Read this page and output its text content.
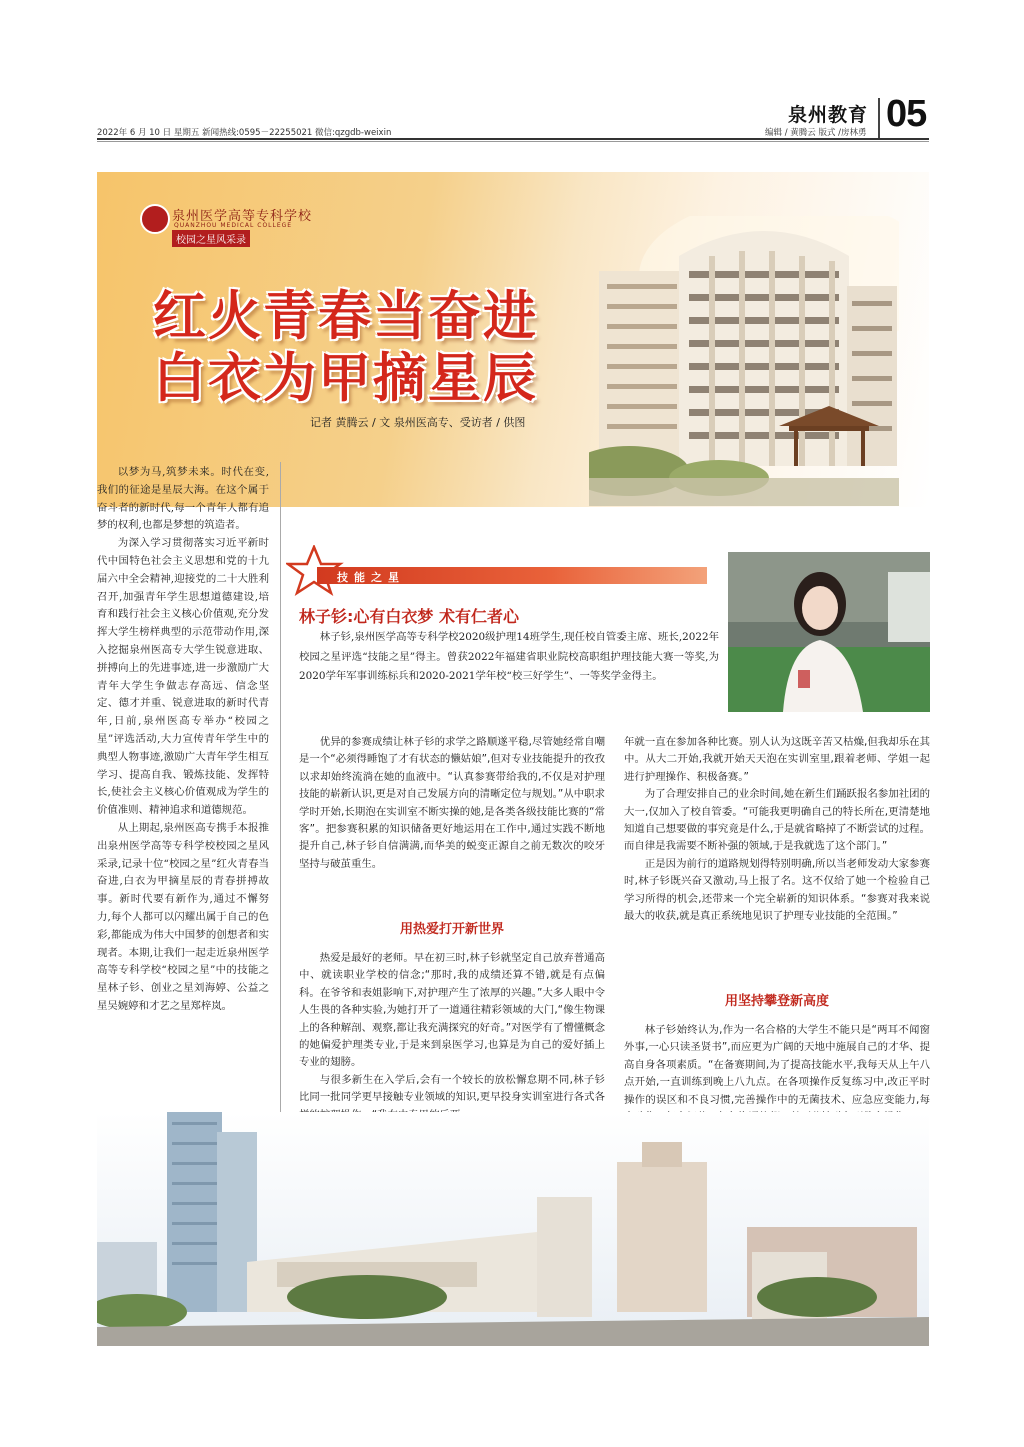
2022年 6 月 10 日 星期五 新闻热线:0595－22255021 微信:qzgdb-weixin
泉州教育 05
编辑 / 黄腾云 版式 /房林勇
泉州医学高等专科学校
QUANZHOU MEDICAL COLLEGE
校园之星风采录
红火青春当奋进
白衣为甲摘星辰
记者 黄腾云 / 文 泉州医高专、受访者 / 供图

以梦为马,筑梦未来。时代在变,我们的征途是星辰大海。在这个属于奋斗者的新时代,每一个青年人都有追梦的权利,也都是梦想的筑造者。

为深入学习贯彻落实习近平新时代中国特色社会主义思想和党的十九届六中全会精神,迎接党的二十大胜利召开,加强青年学生思想道德建设,培育和践行社会主义核心价值观,充分发挥大学生榜样典型的示范带动作用,深入挖掘泉州医高专大学生锐意进取、拼搏向上的先进事迹,进一步激励广大青年大学生争做志存高远、信念坚定、德才并重、锐意进取的新时代青年,日前,泉州医高专举办“校园之星”评选活动,大力宣传青年学生中的典型人物事迹,激励广大青年学生相互学习、提高自我、锻炼技能、发挥特长,使社会主义核心价值观成为学生的价值准则、精神追求和道德规范。

从上期起,泉州医高专携手本报推出泉州医学高等专科学校校园之星风采录,记录十位“校园之星”红火青春当奋进,白衣为甲摘星辰的青春拼搏故事。新时代要有新作为,通过不懈努力,每个人都可以闪耀出属于自己的色彩,都能成为伟大中国梦的创想者和实现者。本期,让我们一起走近泉州医学高等专科学校“校园之星”中的技能之星林子钐、创业之星刘海婷、公益之星吴婉婷和才艺之星郑梓岚。

技能之星
林子钐:心有白衣梦 术有仁者心

林子钐,泉州医学高等专科学校2020级护理14班学生,现任校自管委主席、班长,2022年校园之星评选“技能之星”得主。曾获2022年福建省职业院校高职组护理技能大赛一等奖,为2020学年军事训练标兵和2020-2021学年校“校三好学生”、一等奖学金得主。

优异的参赛成绩让林子钐的求学之路顺遂平稳,尽管她经常自嘲是一个“必须得睡饱了才有状态的懒姑娘”,但对专业技能提升的孜孜以求却始终流淌在她的血液中。“认真参赛带给我的,不仅是对护理技能的崭新认识,更是对自己发展方向的清晰定位与规划。”从中职求学时开始,长期泡在实训室不断实操的她,是各类各级技能比赛的“常客”。把参赛积累的知识储备更好地运用在工作中,通过实践不断地提升自己,林子钐自信满满,而华美的蜕变正源自之前无数次的咬牙坚持与破茧重生。

用热爱打开新世界

热爱是最好的老师。早在初三时,林子钐就坚定自己放弃普通高中、就读职业学校的信念;“那时,我的成绩还算不错,就是有点偏科。在爷爷和表姐影响下,对护理产生了浓厚的兴趣。”大多人眼中令人生畏的各种实验,为她打开了一道通往精彩领域的大门,“像生物课上的各种解剖、观察,都让我充满探究的好奇。”对医学有了懵懂概念的她偏爱护理类专业,于是来到泉医学习,也算是为自己的爱好插上专业的翅膀。

与很多新生在入学后,会有一个较长的放松懈怠期不同,林子钐比同一批同学更早接触专业领域的知识,更早投身实训室进行各式各

年就一直在参加各种比赛。别人认为这既辛苦又枯燥,但我却乐在其中。从大二开始,我就开始天天泡在实训室里,跟着老师、学姐一起进行护理操作、积极备赛。”

为了合理安排自己的业余时间,她在新生们踊跃报名参加社团的大一,仅加入了校自管委。“可能我更明确自己的特长所在,更清楚地知道自己想要做的事究竟是什么,于是就省略掉了不断尝试的过程。而自律是我需要不断补强的领域,于是我就选了这个部门。”

正是因为前行的道路规划得特别明确,所以当老师发动大家参赛时,林子钐既兴奋又激动,马上报了名。这不仅给了她一个检验自己学习所得的机会,还带来一个完全崭新的知识体系。“参赛对我来说最大的收获,就是真正系统地见识了护理专业技能的全范围。”

用坚持攀登新高度

林子钐始终认为,作为一名合格的大学生不能只是“两耳不闻窗外事,一心只读圣贤书”,而应更为广阔的天地中施展自己的才华、提高自身各项素质。“在备赛期间,为了提高技能水平,我每天从上午八点开始,一直训练到晚上八九点。在各项操作反复练习中,改正平时操作的误区和不良习惯,完善操作中的无菌技术、应急应变能力,每
